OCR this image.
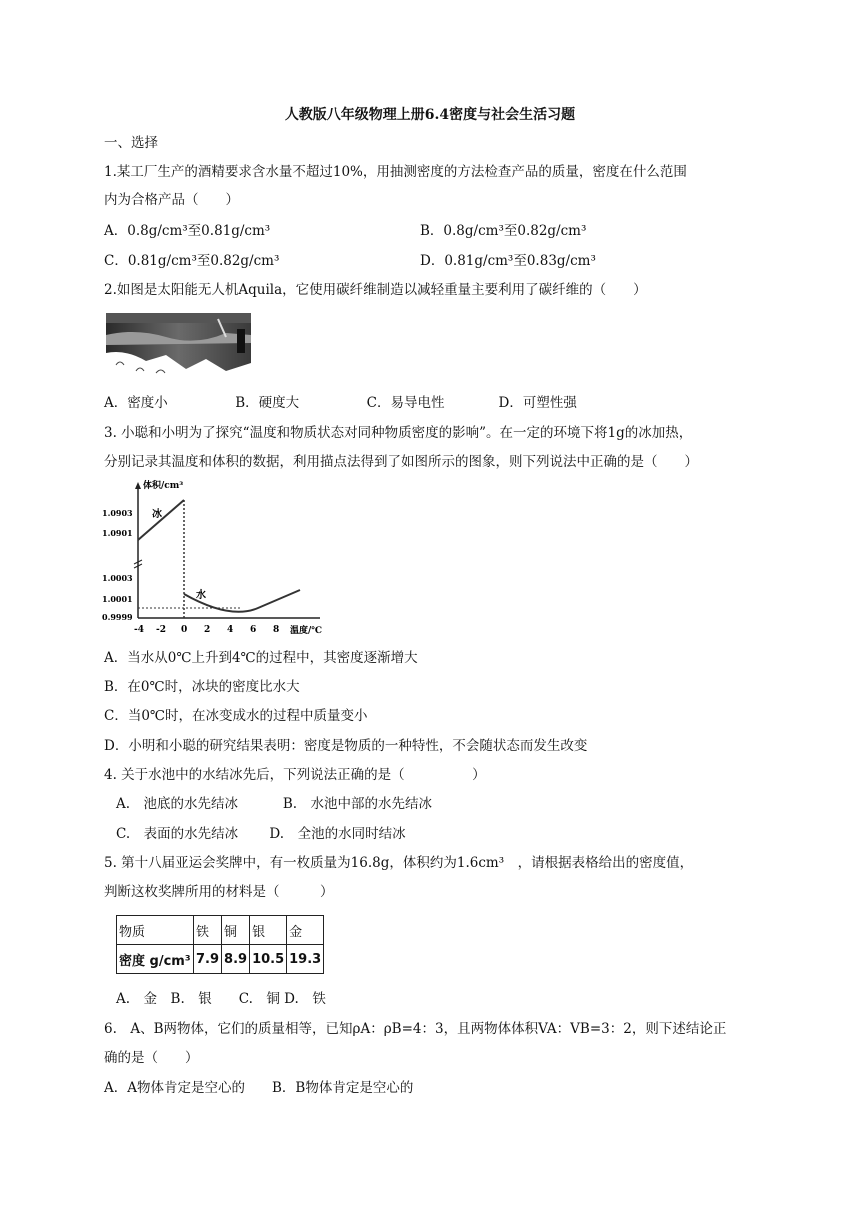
人教版八年级物理上册6.4密度与社会生活习题
一、选择
1.某工厂生产的酒精要求含水量不超过10%，用抽测密度的方法检查产品的质量，密度在什么范围
内为合格产品（　　）
A．0.8g/cm³至0.81g/cm³	B．0.8g/cm³至0.82g/cm³
C．0.81g/cm³至0.82g/cm³	D．0.81g/cm³至0.83g/cm³
2.如图是太阳能无人机Aquila，它使用碳纤维制造以减轻重量主要利用了碳纤维的（　　）
A．密度小　　　　　B．硬度大　　　　　C．易导电性　　　　D．可塑性强
3. 小聪和小明为了探究“温度和物质状态对同种物质密度的影响”。在一定的环境下将1g的冰加热，
分别记录其温度和体积的数据，利用描点法得到了如图所示的图象，则下列说法中正确的是（　　）
体积/cm³
冰
水
温度/℃
1.0903
1.0901
1.0003
1.0001
0.9999
-4 -2 0 2 4 6 8
A．当水从0℃上升到4℃的过程中，其密度逐渐增大
B．在0℃时，冰块的密度比水大
C．当0℃时，在冰变成水的过程中质量变小
D．小明和小聪的研究结果表明：密度是物质的一种特性，不会随状态而发生改变
4. 关于水池中的水结冰先后，下列说法正确的是（　　　　　）
A.　池底的水先结冰　　　 B.　水池中部的水先结冰
C.　表面的水先结冰　　 D.　全池的水同时结冰
5. 第十八届亚运会奖牌中，有一枚质量为16.8g，体积约为1.6cm³　，请根据表格给出的密度值，
判断这枚奖牌所用的材料是（　　　）
物质	铁	铜	银	金
密度 g/cm³	7.9	8.9	10.5	19.3
A.　金　B.　银　　C.　铜 D.　铁
6.　A、B两物体，它们的质量相等，已知ρA：ρB=4：3，且两物体体积VA：VB=3：2，则下述结论正
确的是（　　）
A．A物体肯定是空心的　　B．B物体肯定是空心的
